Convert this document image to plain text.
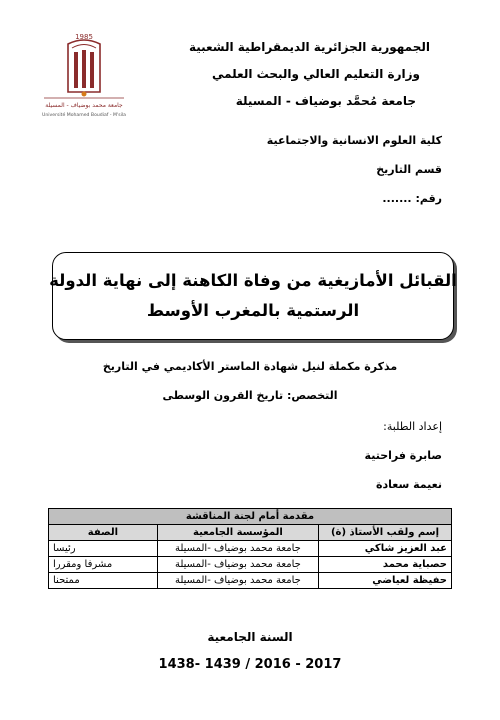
1985
جامعة محمد بوضياف - المسيلة
Université Mohamed Boudiaf - M'sila
الجمهورية الجزائرية الديمقراطية الشعبية
وزارة التعليم العالي والبحث العلمي
جامعة مُحمَّد بوضياف - المسيلة
كلية العلوم الانسانية والاجتماعية
قسم التاريخ
رقم: .......
القبائل الأمازيغية من وفاة الكاهنة إلى نهاية الدولة
الرستمية بالمغرب الأوسط
مذكرة مكملة لنيل شهادة الماستر الأكاديمي في التاريخ
التخصص: تاريخ القرون الوسطى
إعداد الطلبة:
صابرة فراحتية
نعيمة سعادة
مقدمة أمام لجنة المناقشة		
إسم ولقب الأستاذ (ة)	المؤسسة الجامعية	الصفة
عبد العزيز شاكي	جامعة محمد بوضياف -المسيلة	رئيسا
حصباية محمد	جامعة محمد بوضياف -المسيلة	مشرفا ومقررا
حفيظة لعياضي	جامعة محمد بوضياف -المسيلة	ممتحنا
السنة الجامعية
1438- 1439 / 2016 - 2017
